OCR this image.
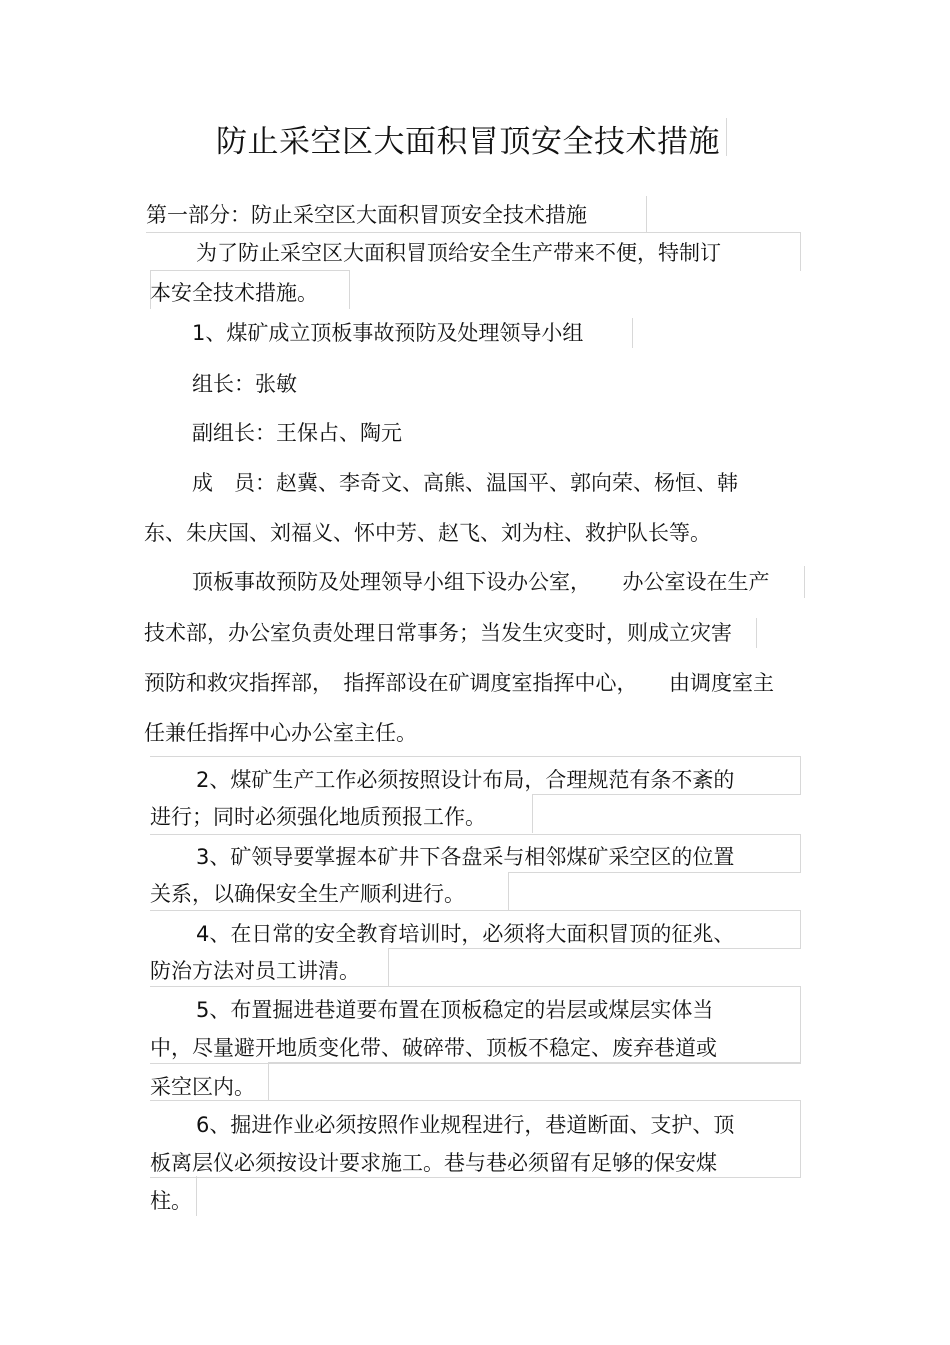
防止采空区大面积冒顶安全技术措施
第一部分：防止采空区大面积冒顶安全技术措施
为了防止采空区大面积冒顶给安全生产带来不便，特制订
本安全技术措施。
1、煤矿成立顶板事故预防及处理领导小组
组长：张敏
副组长：王保占、陶元
成　员：赵冀、李奇文、高熊、温国平、郭向荣、杨恒、韩
东、朱庆国、刘福义、怀中芳、赵飞、刘为柱、救护队长等。
顶板事故预防及处理领导小组下设办公室，　　办公室设在生产
技术部，办公室负责处理日常事务；当发生灾变时，则成立灾害
预防和救灾指挥部，　指挥部设在矿调度室指挥中心，　　由调度室主
任兼任指挥中心办公室主任。
2、煤矿生产工作必须按照设计布局，合理规范有条不紊的
进行；同时必须强化地质预报工作。
3、矿领导要掌握本矿井下各盘采与相邻煤矿采空区的位置
关系，以确保安全生产顺利进行。
4、在日常的安全教育培训时，必须将大面积冒顶的征兆、
防治方法对员工讲清。
5、布置掘进巷道要布置在顶板稳定的岩层或煤层实体当
中，尽量避开地质变化带、破碎带、顶板不稳定、废弃巷道或
采空区内。
6、掘进作业必须按照作业规程进行，巷道断面、支护、顶
板离层仪必须按设计要求施工。巷与巷必须留有足够的保安煤
柱。
